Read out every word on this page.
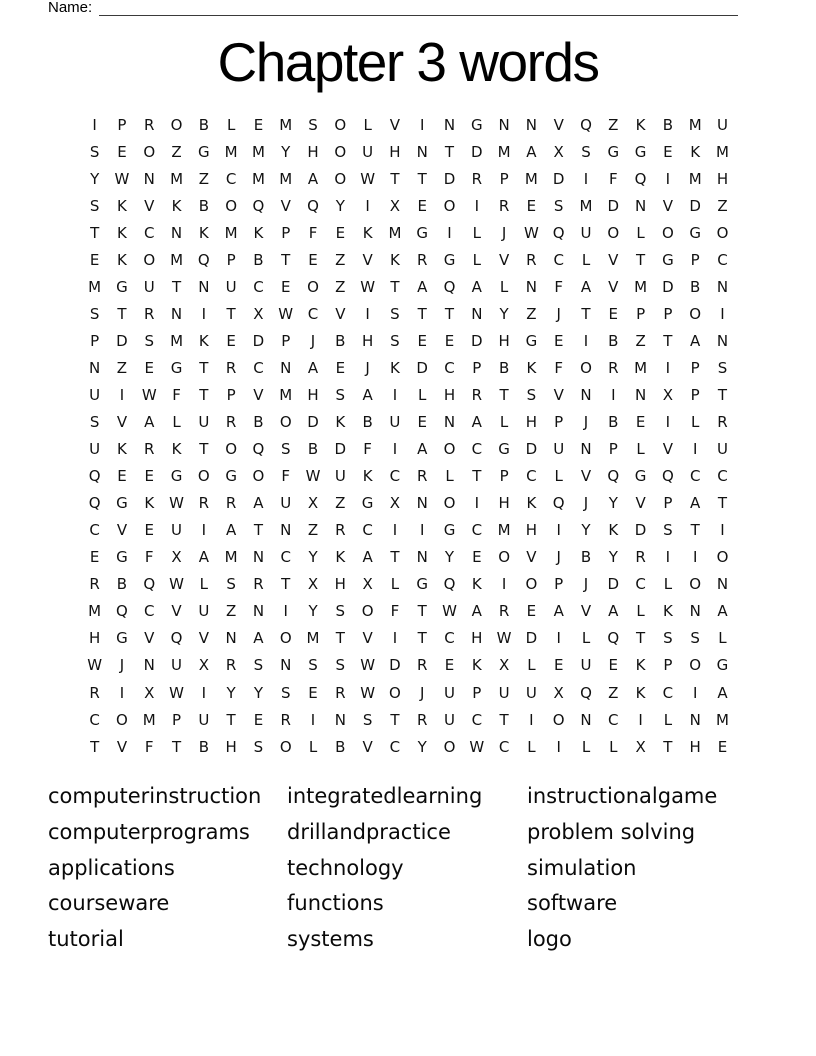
Name:
Chapter 3 words
I	P	R	O	B	L	E	M	S	O	L	V	I	N	G	N	N	V	Q	Z	K	B	M	U
S	E	O	Z	G	M M	Y	H	O	U	H	N	T	D	M	A	X	S	G	G	E	K	M
Y	W N	M	Z	C	M M	A	O W	T	T	D	R	P	M	D	I	F	Q	I	M	H
S	K	V	K	B	O	Q	V	Q	Y	I	X	E	O	I	R	E	S	M	D	N	V	D	Z
T	K	C	N	K	M	K	P	F	E	K	M	G	I	L	J	W Q	U	O	L	O	G	O
E	K	O M Q	P	B	T	E	Z	V	K	R	G	L	V	R	C	L	V	T	G	P	C
M	G	U	T	N	U	C	E	O	Z W	T	A	Q	A	L	N	F	A	V	M	D	B	N
S	T	R	N	I	T	X W C	V	I	S	T	T	N	Y	Z	J	T	E	P	P	O	I
P	D	S	M	K	E	D	P	J	B	H	S	E	E	D	H	G	E	I	B	Z	T	A	N
N	Z	E	G	T	R	C	N	A	E	J	K	D	C	P	B	K	F	O	R	M	I	P	S
U	I	W	F	T	P	V	M	H	S	A	I	L	H	R	T	S	V	N	I	N	X	P	T
S	V	A	L	U	R	B	O	D	K	B	U	E	N	A	L	H	P	J	B	E	I	L	R
U	K	R	K	T	O	Q	S	B	D	F	I	A	O	C	G	D	U	N	P	L	V	I	U
Q	E	E	G	O	G	O	F	W U	K	C	R	L	T	P	C	L	V	Q	G	Q	C	C
Q	G	K W R	R	A	U	X	Z	G	X	N	O	I	H	K	Q	J	Y	V	P	A	T
C	V	E	U	I	A	T	N	Z	R	C	I	I	G	C	M	H	I	Y	K	D	S	T	I
E	G	F	X	A	M	N	C	Y	K	A	T	N	Y	E	O	V	J	B	Y	R	I	I	O
R	B	Q W	L	S	R	T	X	H	X	L	G	Q	K	I	O	P	J	D	C	L	O	N
M Q	C	V	U	Z	N	I	Y	S	O	F	T	W A	R	E	A	V	A	L	K	N	A
H	G	V	Q	V	N	A	O M	T	V	I	T	C	H W D	I	L	Q	T	S	S	L
W	J	N	U	X	R	S	N	S	S	W D	R	E	K	X	L	E	U	E	K	P	O	G
R	I	X W	I	Y	Y	S	E	R W O	J	U	P	U	U	X	Q	Z	K	C	I	A
C	O M	P	U	T	E	R	I	N	S	T	R	U	C	T	I	O	N	C	I	L	N	M
T	V	F	T	B	H	S	O	L	B	V	C	Y	O W C	L	I	L	L	X	T	H	E
computerinstruction
computerprograms
applications
courseware
tutorial
integratedlearning
drillandpractice
technology
functions
systems
instructionalgame
problem solving
simulation
software
logo
